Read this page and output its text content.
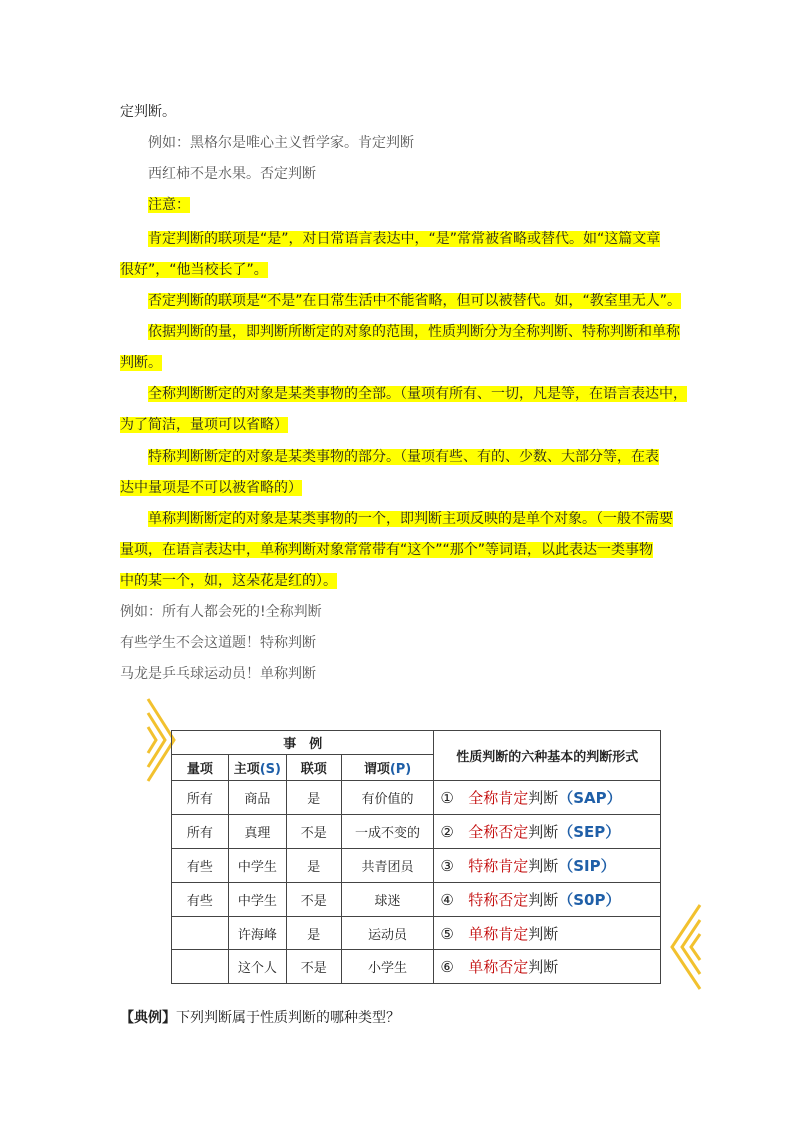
定判断。
例如：黑格尔是唯心主义哲学家。肯定判断
西红柿不是水果。否定判断
注意：
肯定判断的联项是“是”，对日常语言表达中，“是”常常被省略或替代。如“这篇文章
很好”，“他当校长了”。
否定判断的联项是“不是”在日常生活中不能省略，但可以被替代。如，“教室里无人”。
依据判断的量，即判断所断定的对象的范围，性质判断分为全称判断、特称判断和单称
判断。
全称判断断定的对象是某类事物的全部。（量项有所有、一切，凡是等，在语言表达中，
为了简洁，量项可以省略）
特称判断断定的对象是某类事物的部分。（量项有些、有的、少数、大部分等，在表
达中量项是不可以被省略的）
单称判断断定的对象是某类事物的一个，即判断主项反映的是单个对象。（一般不需要
量项，在语言表达中，单称判断对象常常带有“这个”“那个”等词语，以此表达一类事物
中的某一个，如，这朵花是红的）。
例如：所有人都会死的!全称判断
有些学生不会这道题！特称判断
马龙是乒乓球运动员！单称判断
事　例				性质判断的六种基本的判断形式
量项	主项(S)	联项	谓项(P)	
所有	商品	是	有价值的	① 全称肯定判断（SAP）
所有	真理	不是	一成不变的	② 全称否定判断（SEP）
有些	中学生	是	共青团员	③ 特称肯定判断（SIP）
有些	中学生	不是	球迷	④ 特称否定判断（S0P）
	许海峰	是	运动员	⑤ 单称肯定判断
	这个人	不是	小学生	⑥ 单称否定判断
【典例】下列判断属于性质判断的哪种类型？
